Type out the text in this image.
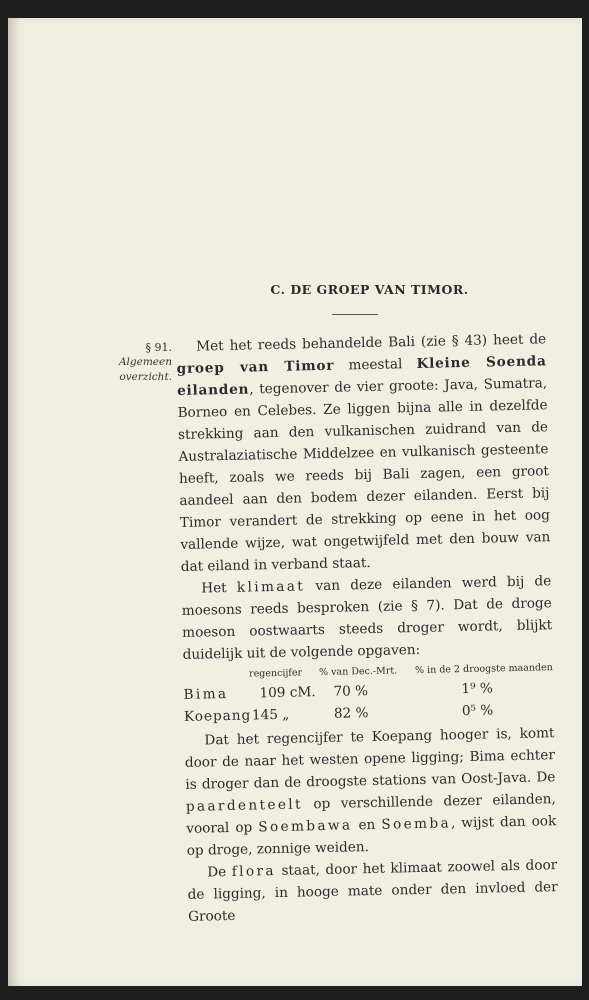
C. DE GROEP VAN TIMOR.
§ 91.
Algemeen
overzicht.

Met het reeds behandelde Bali (zie § 43) heet de groep van Timor meestal Kleine Soenda eilanden, tegenover de vier groote: Java, Sumatra, Borneo en Celebes. Ze liggen bijna alle in dezelfde strekking aan den vulkanischen zuidrand van de Australaziatische Middelzee en vulkanisch gesteente heeft, zoals we reeds bij Bali zagen, een groot aandeel aan den bodem dezer eilanden. Eerst bij Timor verandert de strekking op eene in het oog vallende wijze, wat ongetwijfeld met den bouw van dat eiland in verband staat.

Het klimaat van deze eilanden werd bij de moesons reeds besproken (zie § 7). Dat de droge moeson oostwaarts steeds droger wordt, blijkt duidelijk uit de volgende opgaven:

regencijfer % van Dec.-Mrt. % in de 2 droogste maanden
Bima 109 cM. 70 %	1⁹ %
Koepang 145 „	82 %	0⁵ %

Dat het regencijfer te Koepang hooger is, komt door de naar het westen opene ligging; Bima echter is droger dan de droogste stations van Oost-Java. De paardenteelt op verschillende dezer eilanden, vooral op Soembawa en Soemba, wijst dan ook op droge, zonnige weiden.

De flora staat, door het klimaat zoowel als door de ligging, in hooge mate onder den invloed der Groote
